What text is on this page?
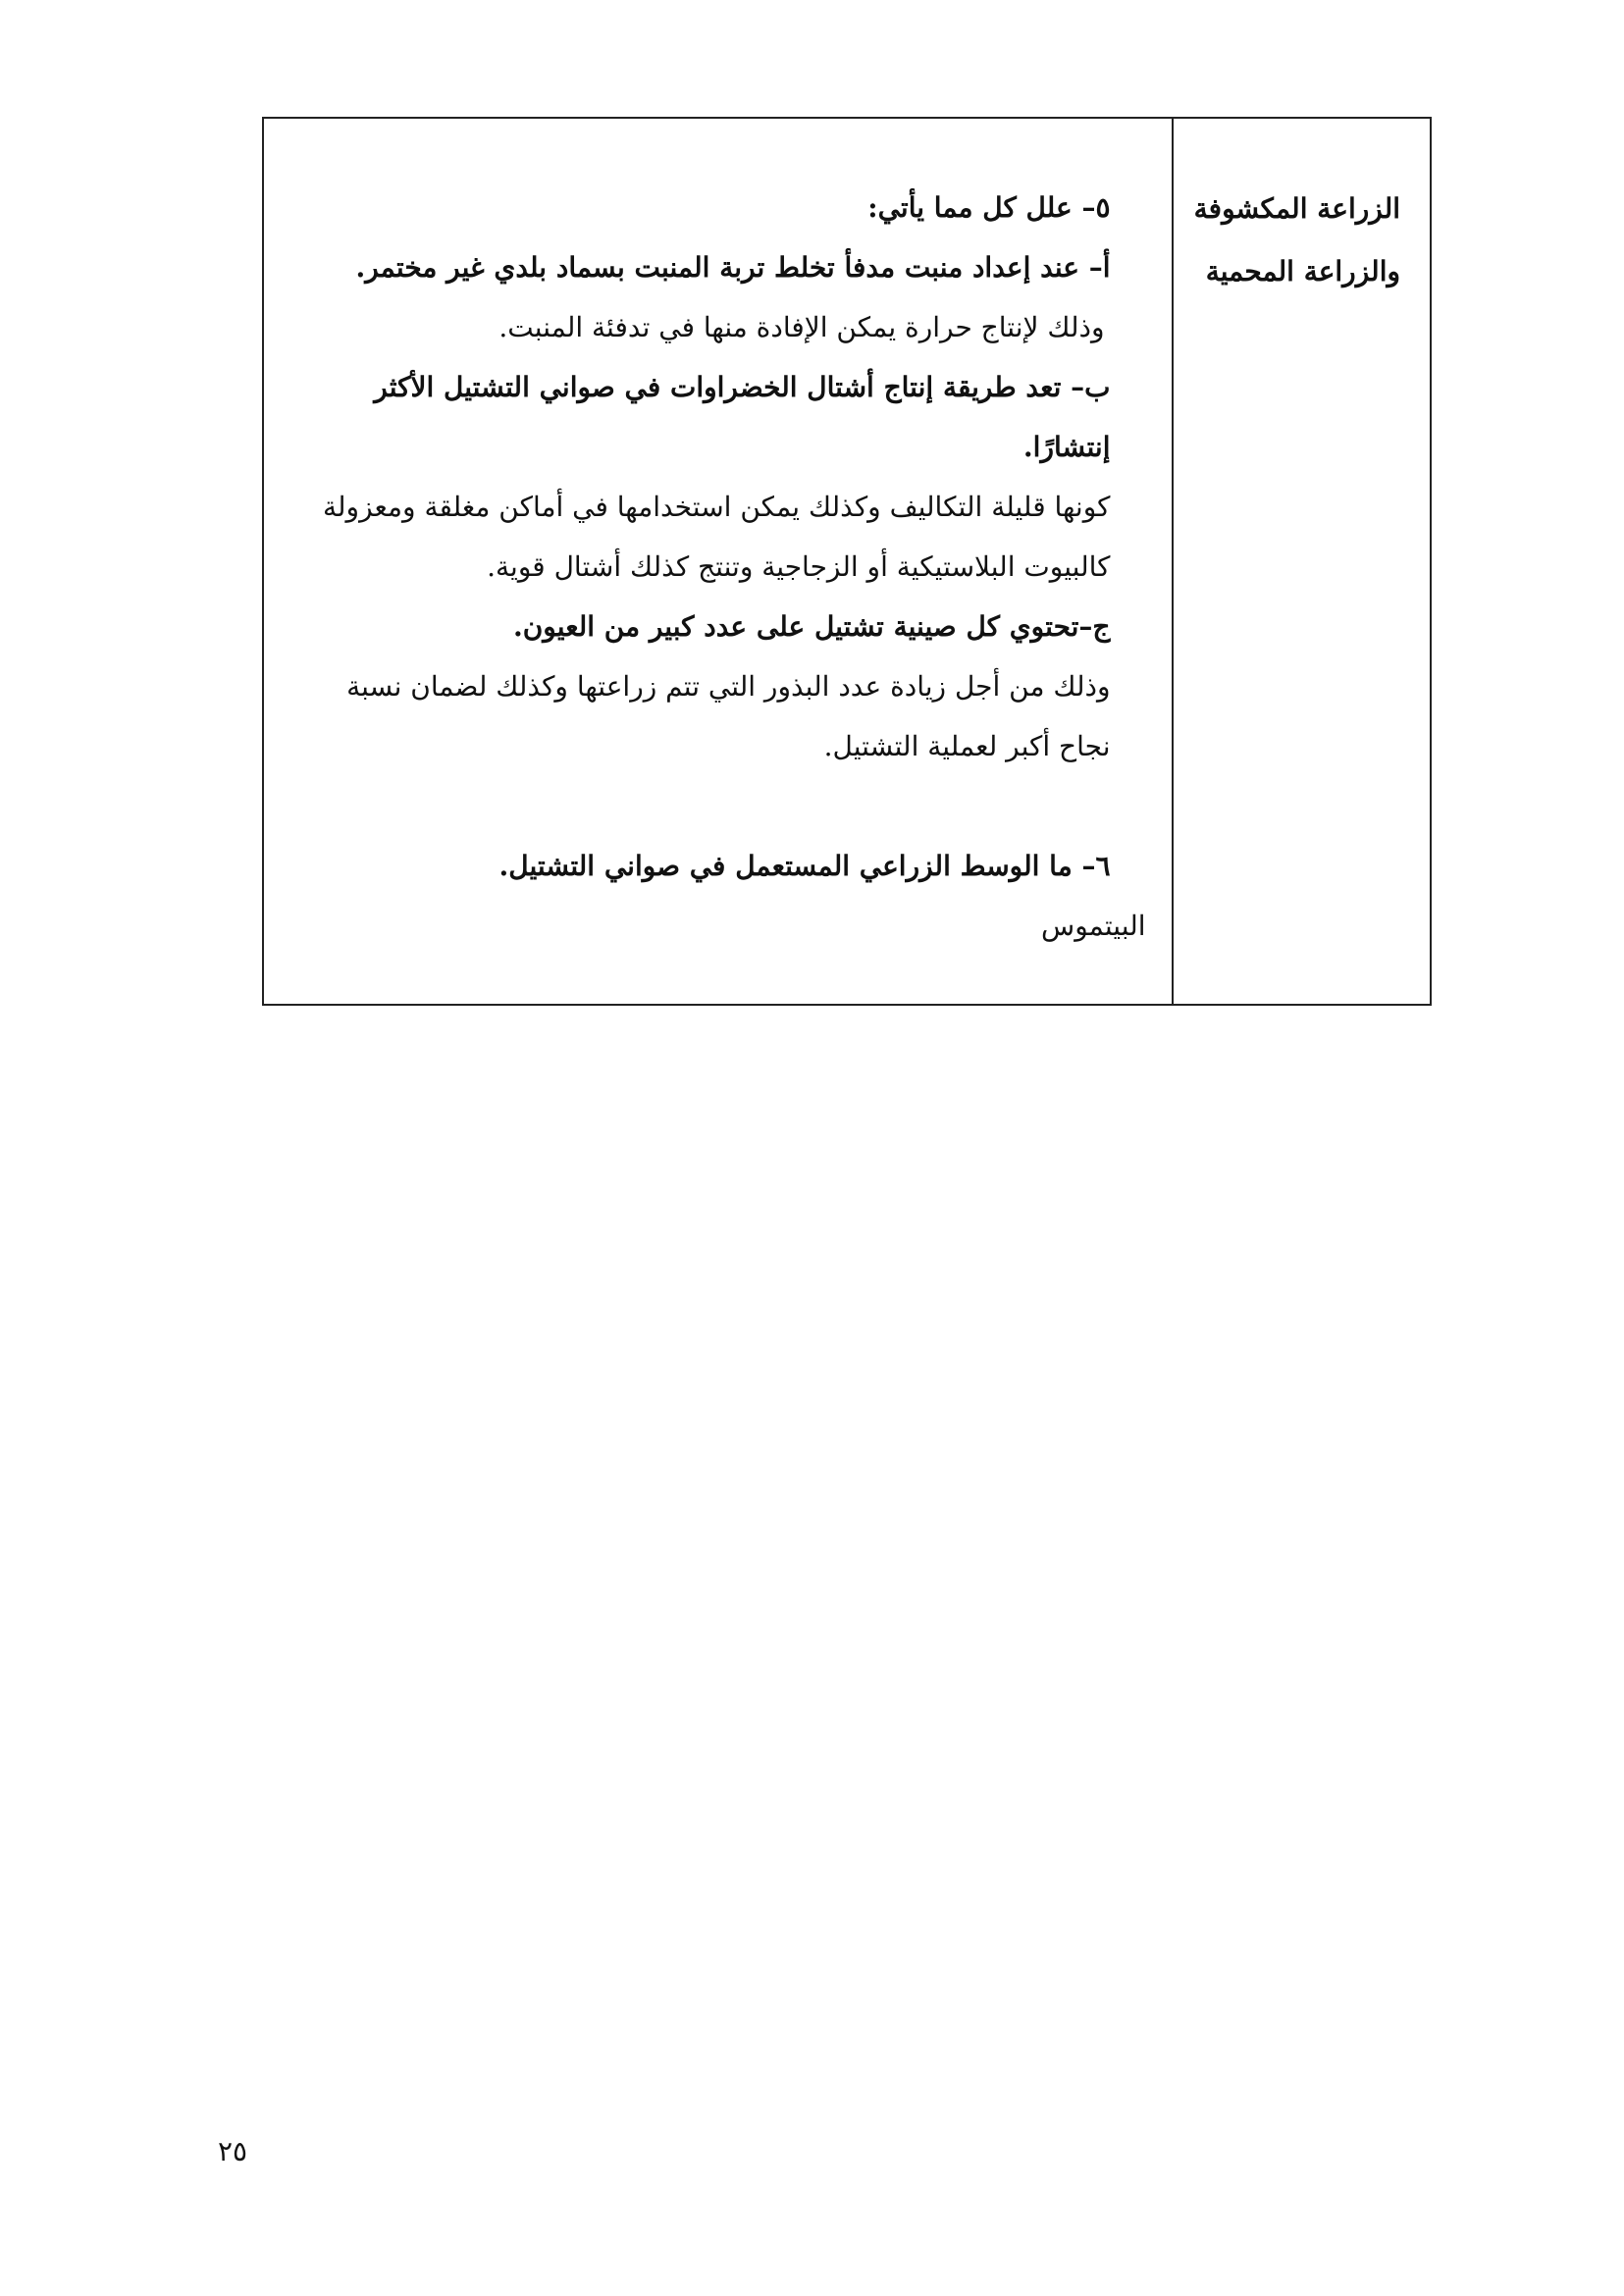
الزراعة المكشوفة
والزراعة المحمية
٥– علل كل مما يأتي:
أ– عند إعداد منبت مدفأ تخلط تربة المنبت بسماد بلدي غير مختمر.
وذلك لإنتاج حرارة يمكن الإفادة منها في تدفئة المنبت.
ب– تعد طريقة إنتاج أشتال الخضراوات في صواني التشتيل الأكثر
إنتشارًا.
كونها قليلة التكاليف وكذلك يمكن استخدامها في أماكن مغلقة ومعزولة
كالبيوت البلاستيكية أو الزجاجية وتنتج كذلك أشتال قوية.
ج–تحتوي كل صينية تشتيل على عدد كبير من العيون.
وذلك من أجل زيادة عدد البذور التي تتم زراعتها وكذلك لضمان نسبة
نجاح أكبر لعملية التشتيل.
٦– ما الوسط الزراعي المستعمل في صواني التشتيل.
البيتموس
٢٥
